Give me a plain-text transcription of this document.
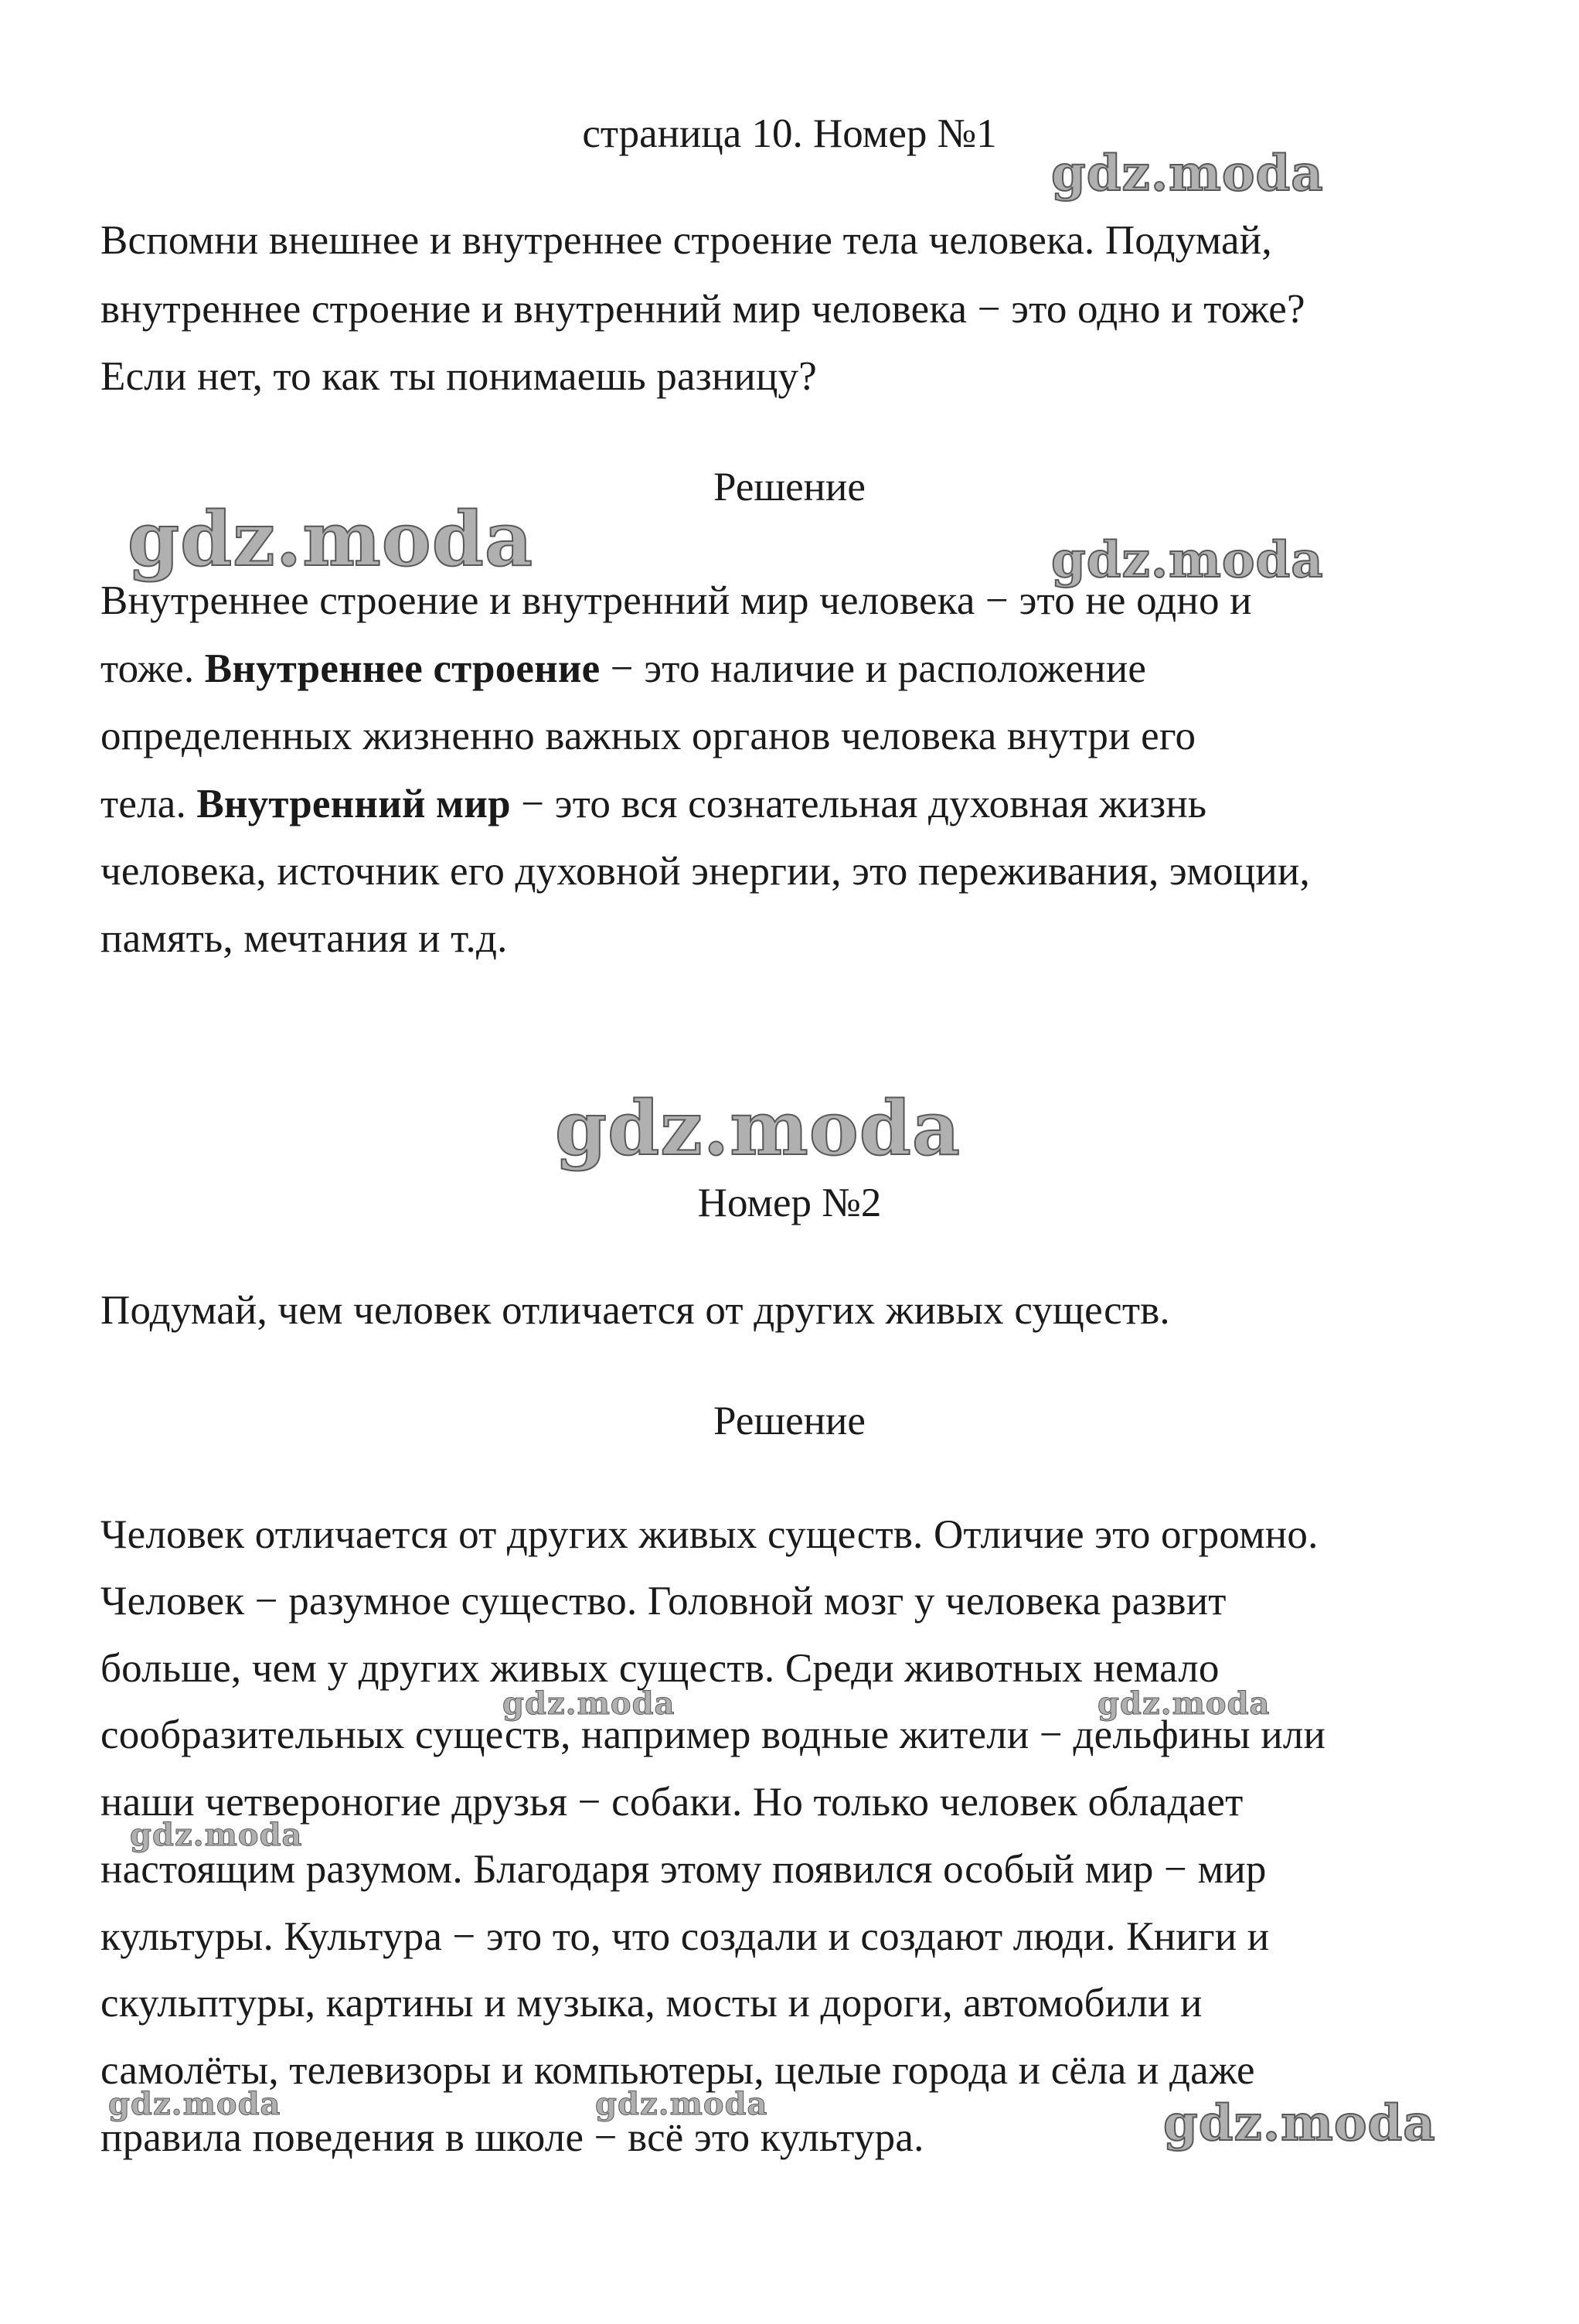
страница 10. Номер №1
Вспомни внешнее и внутреннее строение тела человека. Подумай,
внутреннее строение и внутренний мир человека − это одно и тоже?
Если нет, то как ты понимаешь разницу?
Решение
Внутреннее строение и внутренний мир человека − это не одно и
тоже. Внутреннее строение − это наличие и расположение
определенных жизненно важных органов человека внутри его
тела. Внутренний мир − это вся сознательная духовная жизнь
человека, источник его духовной энергии, это переживания, эмоции,
память, мечтания и т.д.
Номер №2
Подумай, чем человек отличается от других живых существ.
Решение
Человек отличается от других живых существ. Отличие это огромно.
Человек − разумное существо. Головной мозг у человека развит
больше, чем у других живых существ. Среди животных немало
сообразительных существ, например водные жители − дельфины или
наши четвероногие друзья − собаки. Но только человек обладает
настоящим разумом. Благодаря этому появился особый мир − мир
культуры. Культура − это то, что создали и создают люди. Книги и
скульптуры, картины и музыка, мосты и дороги, автомобили и
самолёты, телевизоры и компьютеры, целые города и сёла и даже
правила поведения в школе − всё это культура.
gdz.moda
gdz.moda	gdz.moda
gdz.moda
gdz.moda	gdz.moda
gdz.moda
gdz.moda	gdz.moda	gdz.moda
